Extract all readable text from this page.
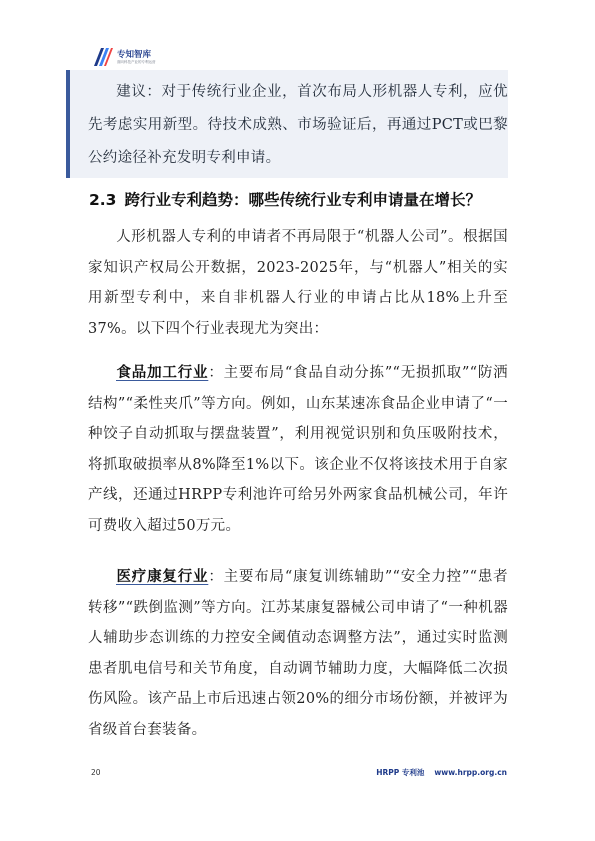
专知智库
面向科技产业的专利运营

建议：对于传统行业企业，首次布局人形机器人专利，应优先考虑实用新型。待技术成熟、市场验证后，再通过PCT或巴黎公约途径补充发明专利申请。

2.3 跨行业专利趋势：哪些传统行业专利申请量在增长？

人形机器人专利的申请者不再局限于“机器人公司”。根据国家知识产权局公开数据，2023-2025年，与“机器人”相关的实用新型专利中，来自非机器人行业的申请占比从18%上升至37%。以下四个行业表现尤为突出：

食品加工行业：主要布局“食品自动分拣”“无损抓取”“防洒结构”“柔性夹爪”等方向。例如，山东某速冻食品企业申请了“一种饺子自动抓取与摆盘装置”，利用视觉识别和负压吸附技术，将抓取破损率从8%降至1%以下。该企业不仅将该技术用于自家产线，还通过HRPP专利池许可给另外两家食品机械公司，年许可费收入超过50万元。

医疗康复行业：主要布局“康复训练辅助”“安全力控”“患者转移”“跌倒监测”等方向。江苏某康复器械公司申请了“一种机器人辅助步态训练的力控安全阈值动态调整方法”，通过实时监测患者肌电信号和关节角度，自动调节辅助力度，大幅降低二次损伤风险。该产品上市后迅速占领20%的细分市场份额，并被评为省级首台套装备。

20	HRPP 专利池 www.hrpp.org.cn
